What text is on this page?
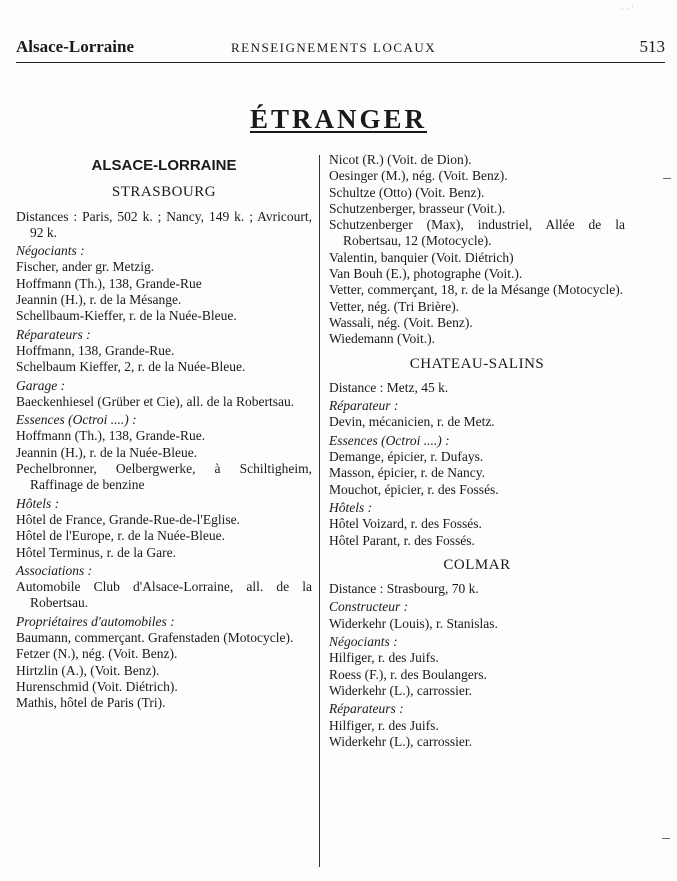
· · '
Alsace-Lorraine	RENSEIGNEMENTS LOCAUX	513
ÉTRANGER
ALSACE-LORRAINE
STRASBOURG
Distances : Paris, 502 k. ; Nancy, 149 k. ; Avricourt, 92 k.
Négociants :
Fischer, ander gr. Metzig.
Hoffmann (Th.), 138, Grande-Rue
Jeannin (H.), r. de la Mésange.
Schellbaum-Kieffer, r. de la Nuée-Bleue.
Réparateurs :
Hoffmann, 138, Grande-Rue.
Schelbaum Kieffer, 2, r. de la Nuée-Bleue.
Garage :
Baeckenhiesel (Grüber et Cie), all. de la Robertsau.
Essences (Octroi ....) :
Hoffmann (Th.), 138, Grande-Rue.
Jeannin (H.), r. de la Nuée-Bleue.
Pechelbronner, Oelbergwerke, à Schiltigheim, Raffinage de benzine
Hôtels :
Hôtel de France, Grande-Rue-de-l'Eglise.
Hôtel de l'Europe, r. de la Nuée-Bleue.
Hôtel Terminus, r. de la Gare.
Associations :
Automobile Club d'Alsace-Lorraine, all. de la Robertsau.
Propriétaires d'automobiles :
Baumann, commerçant. Grafenstaden (Motocycle).
Fetzer (N.), nég. (Voit. Benz).
Hirtzlin (A.), (Voit. Benz).
Hurenschmid (Voit. Diétrich).
Mathis, hôtel de Paris (Tri).
Nicot (R.) (Voit. de Dion).
Oesinger (M.), nég. (Voit. Benz).
Schultze (Otto) (Voit. Benz).
Schutzenberger, brasseur (Voit.).
Schutzenberger (Max), industriel, Allée de la Robertsau, 12 (Motocycle).
Valentin, banquier (Voit. Diétrich)
Van Bouh (E.), photographe (Voit.).
Vetter, commerçant, 18, r. de la Mésange (Motocycle).
Vetter, nég. (Tri Brière).
Wassali, nég. (Voit. Benz).
Wiedemann (Voit.).
CHATEAU-SALINS
Distance : Metz, 45 k.
Réparateur :
Devin, mécanicien, r. de Metz.
Essences (Octroi ....) :
Demange, épicier, r. Dufays.
Masson, épicier, r. de Nancy.
Mouchot, épicier, r. des Fossés.
Hôtels :
Hôtel Voizard, r. des Fossés.
Hôtel Parant, r. des Fossés.
COLMAR
Distance : Strasbourg, 70 k.
Constructeur :
Widerkehr (Louis), r. Stanislas.
Négociants :
Hilfiger, r. des Juifs.
Roess (F.), r. des Boulangers.
Widerkehr (L.), carrossier.
Réparateurs :
Hilfiger, r. des Juifs.
Widerkehr (L.), carrossier.
